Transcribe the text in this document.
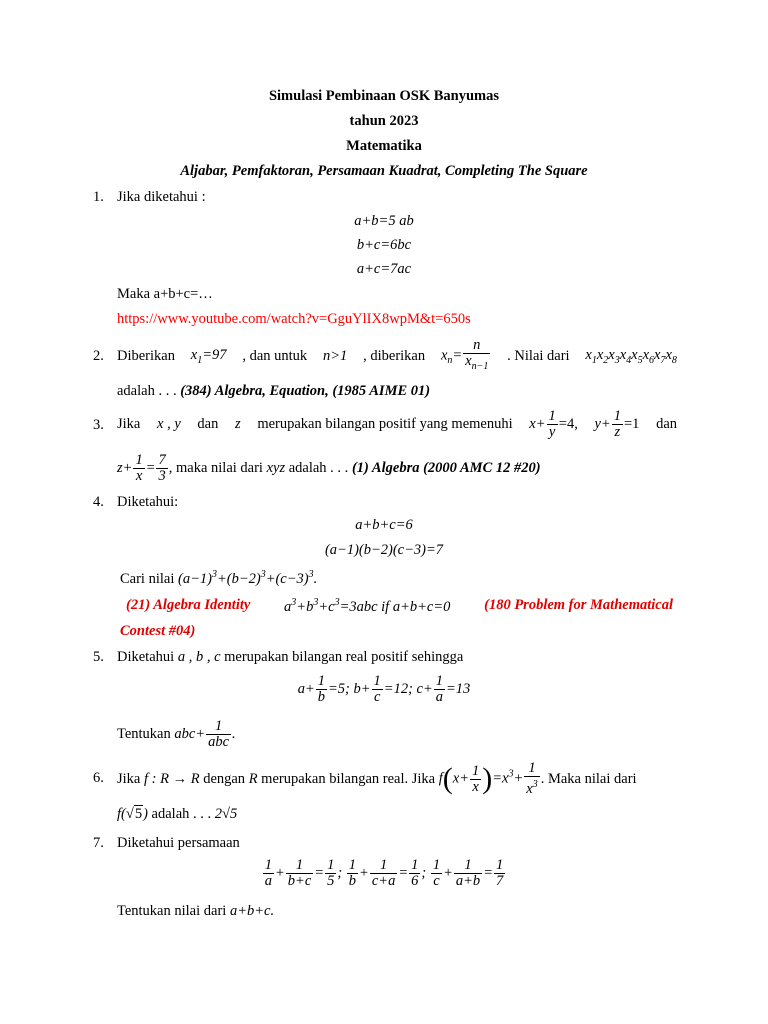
Simulasi Pembinaan OSK Banyumas
tahun 2023
Matematika
Aljabar, Pemfaktoran, Persamaan Kuadrat, Completing The Square
1. Jika diketahui :
a+b=5 ab
b+c=6bc
a+c=7ac
Maka a+b+c=…
https://www.youtube.com/watch?v=GguYlIX8wpM&t=650s
2. Diberikan $x_1=97$ , dan untuk n>1 , diberikan $x_n= \frac{n}{x_{n-1}}$ . Nilai dari $x_1x_2x_3x_4x_5x_6x_7x_8$
adalah . . . (384) Algebra, Equation, (1985 AIME 01)
3. Jika x , y dan z merupakan bilangan positif yang memenuhi $x+ \frac{1}{y} =4$, $y+ \frac{1}{z} =1$ dan
$z+ \frac{1}{x} = \frac{7}{3}$ , maka nilai dari
xyz
adalah . . .
(1) Algebra (2000 AMC 12 #20)
4. Diketahui:
a+b+c=6
(a−1)(b−2)(c−3)=7
Cari nilai $(a-1)^3+(b-2)^3+(c-3)^3$.
(21) Algebra Identity $a^3+b^3+c^3=3abc$ if a+b+c=0 (180 Problem for Mathematical
Contest #04)
5. Diketahui a , b , c merupakan bilangan real positif sehingga
$a+ \frac{1}{b} =5$; $b+ \frac{1}{c} =12$; $c+ \frac{1}{a} =13$
Tentukan
$abc+ \frac{1}{\text{abc}}$ .
6. Jika
f : R → R
dengan
R
merupakan bilangan real. Jika
$f(x+ \frac{1}{x} )=x^3+ \frac{1}{x^3}$ . Maka nilai dari
f(√5) adalah . . . 2√5
7. Diketahui persamaan
$\frac{1}{a} + \frac{1}{b+c} = \frac{1}{5}$ ; $\frac{1}{b} + \frac{1}{c+a} = \frac{1}{6}$ ; $\frac{1}{c} + \frac{1}{a+b} = \frac{1}{7}$
Tentukan nilai dari a+b+c.
